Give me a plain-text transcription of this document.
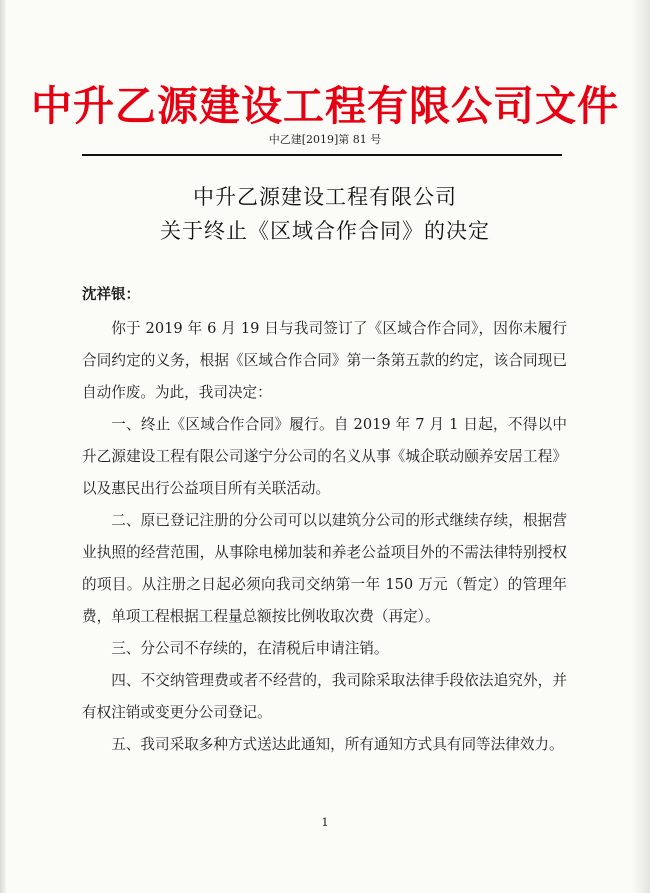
中升乙源建设工程有限公司文件
中乙建[2019]第 81 号
中升乙源建设工程有限公司
关于终止《区域合作合同》的决定
沈祥银：

你于 2019 年 6 月 19 日与我司签订了《区域合作合同》，因你未履行合同约定的义务，根据《区域合作合同》第一条第五款的约定，该合同现已自动作废。为此，我司决定：

一、终止《区域合作合同》履行。自 2019 年 7 月 1 日起，不得以中升乙源建设工程有限公司遂宁分公司的名义从事《城企联动颐养安居工程》以及惠民出行公益项目所有关联活动。

二、原已登记注册的分公司可以以建筑分公司的形式继续存续，根据营业执照的经营范围，从事除电梯加装和养老公益项目外的不需法律特别授权的项目。从注册之日起必须向我司交纳第一年 150 万元（暂定）的管理年费，单项工程根据工程量总额按比例收取次费（再定）。

三、分公司不存续的，在清税后申请注销。

四、不交纳管理费或者不经营的，我司除采取法律手段依法追究外，并有权注销或变更分公司登记。

五、我司采取多种方式送达此通知，所有通知方式具有同等法律效力。

1
